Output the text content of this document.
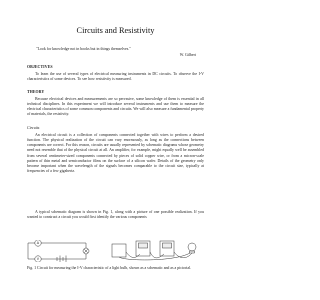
Circuits and Resistivity
"Look for knowledge not in books but in things themselves."
W. Gilbert
OBJECTIVES

To learn the use of several types of electrical measuring instruments in DC circuits. To observe the I-V characteristics of some devices. To see how resistivity is measured.

THEORY

Because electrical devices and measurements are so pervasive, some knowledge of them is essential in all technical disciplines. In this experiment we will introduce several instruments and use them to measure the electrical characteristics of some common components and circuits. We will also measure a fundamental property of materials, the resistivity.

Circuits

An electrical circuit is a collection of components connected together with wires to perform a desired function. The physical realization of the circuit can vary enormously, as long as the connections between components are correct. For this reason, circuits are usually represented by schematic diagrams whose geometry need not resemble that of the physical circuit at all. An amplifier, for example, might equally well be assembled from several centimeter-sized components connected by pieces of solid copper wire, or from a micron-scale pattern of thin metal and semiconductor films on the surface of a silicon wafer. Details of the geometry only become important when the wavelength of the signals becomes comparable to the circuit size, typically at frequencies of a few gigahertz.

A typical schematic diagram is shown in Fig. 1, along with a picture of one possible realization. If you wanted to construct a circuit you would first identify the various components

A
V

Fig. 1 Circuit for measuring the I-V characteristic of a light bulb, shown as a schematic and as a pictorial.
